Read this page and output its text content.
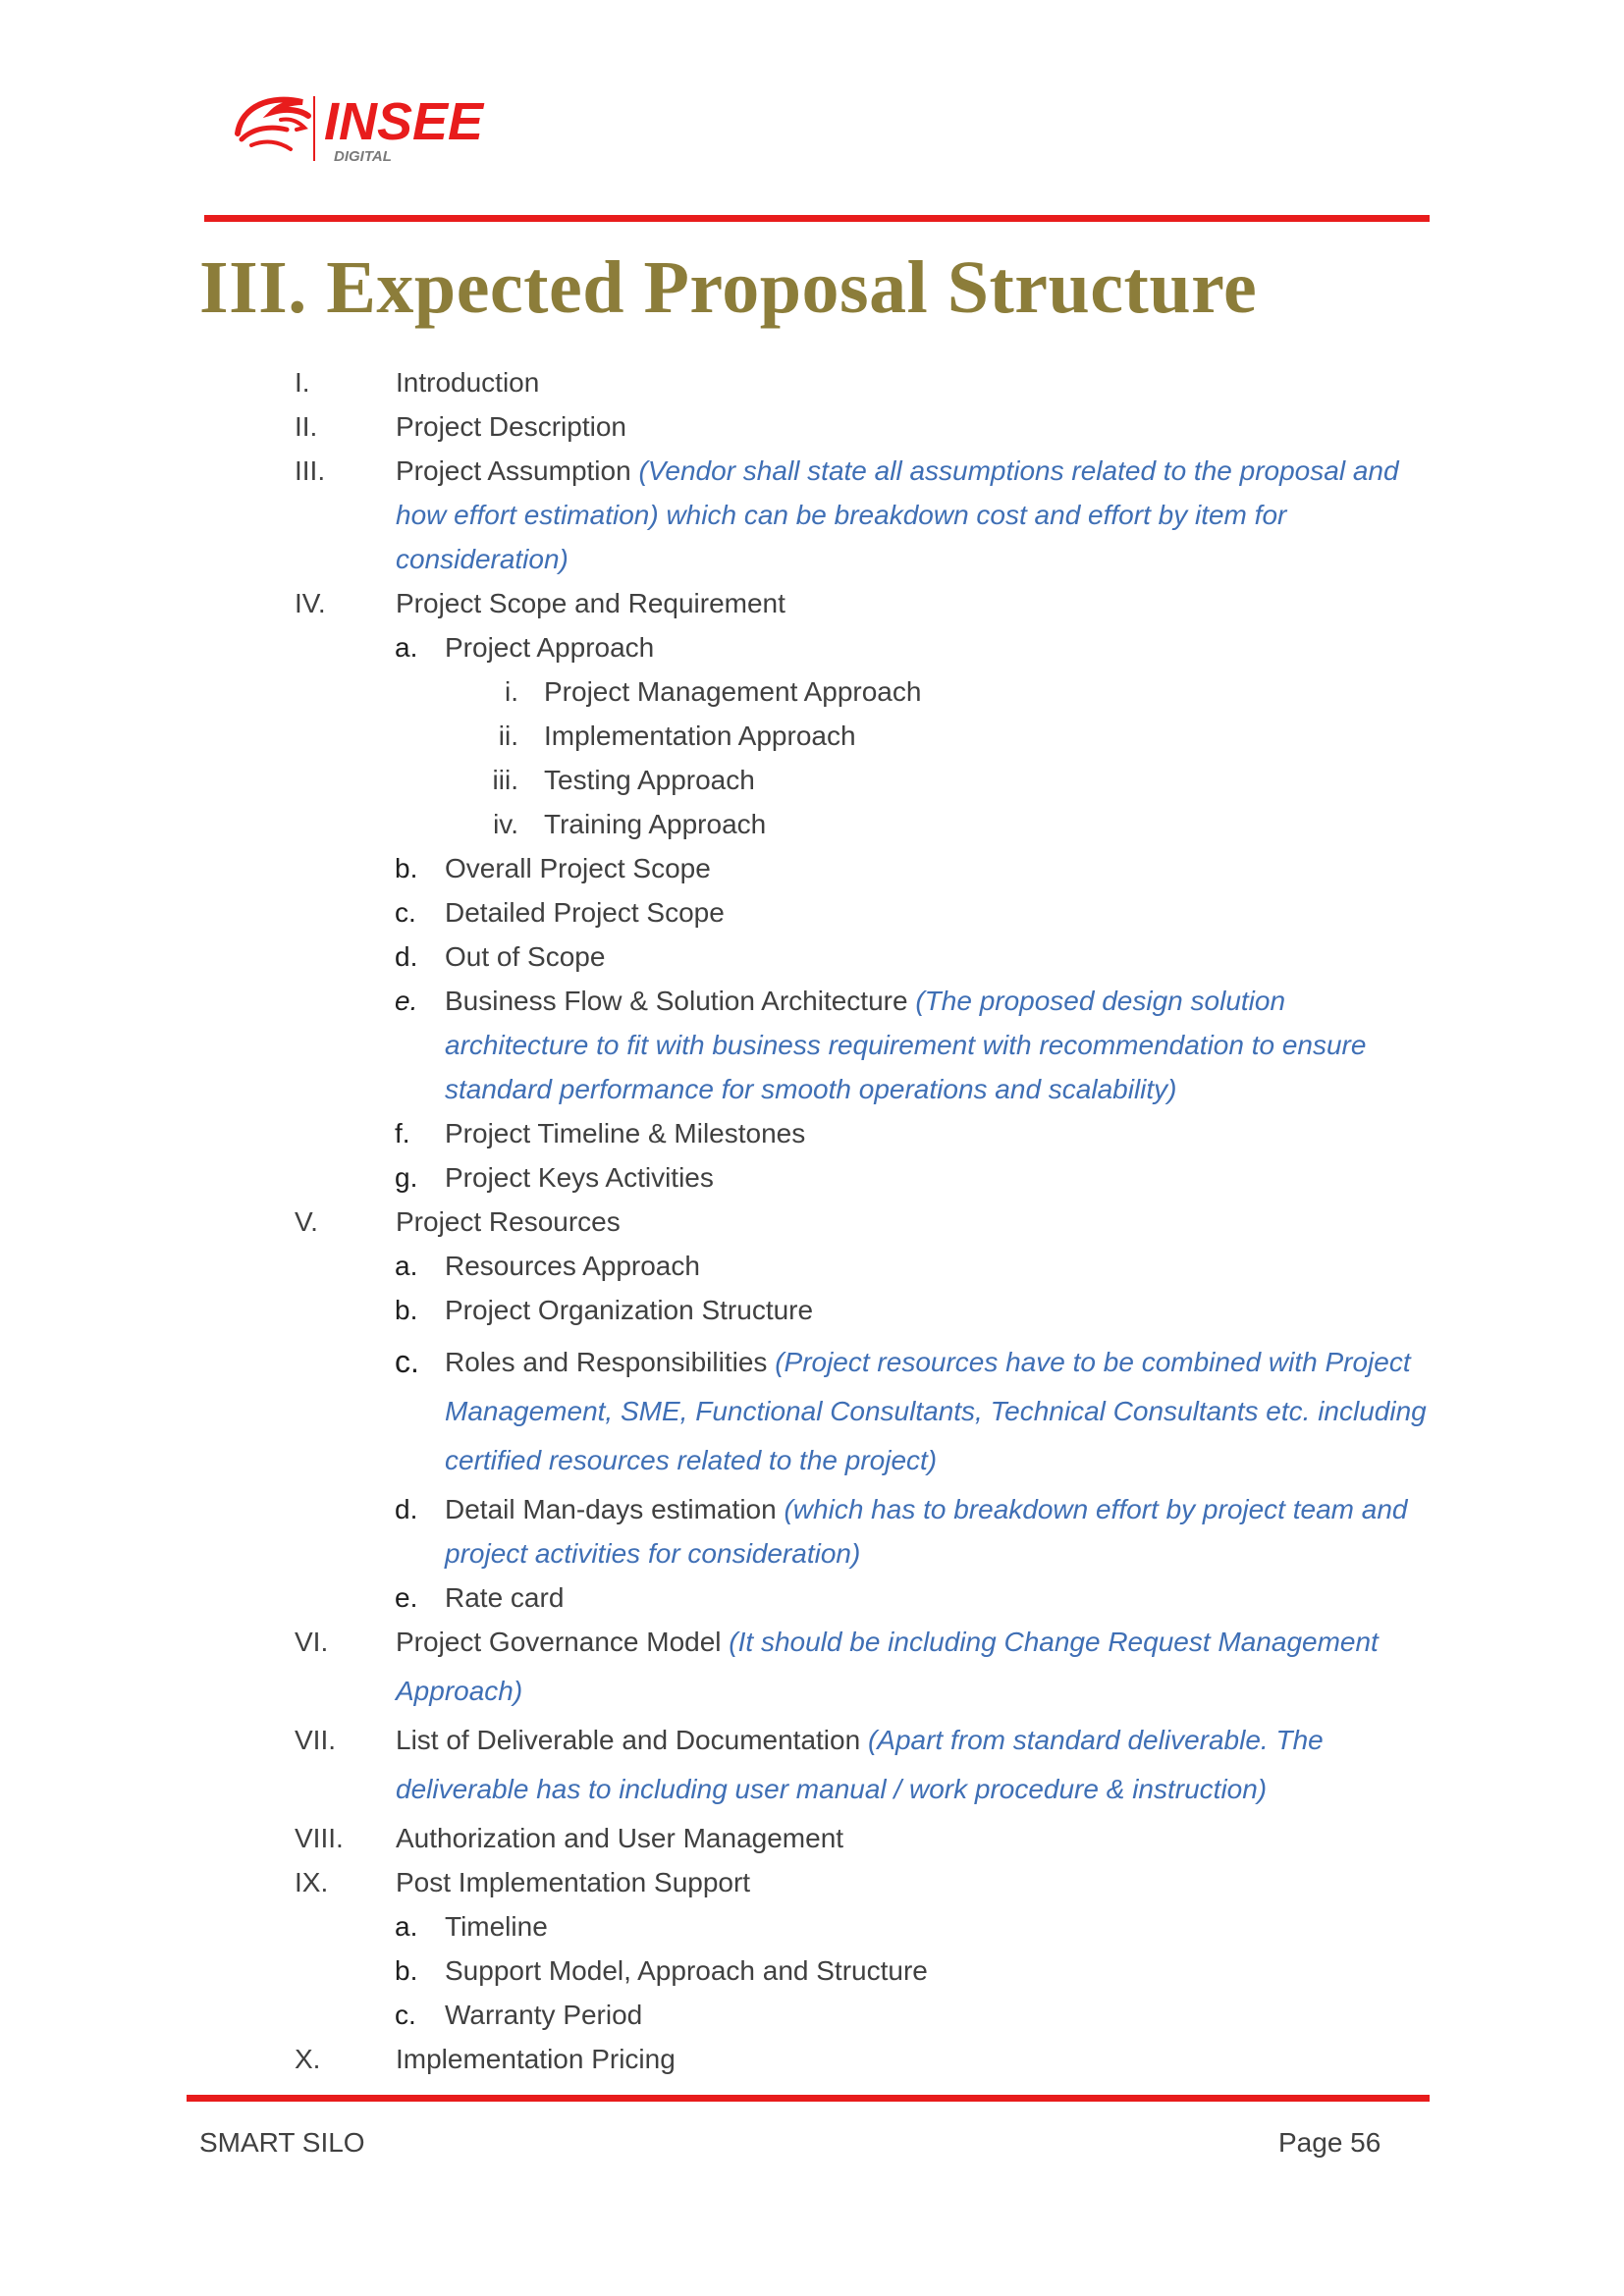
INSEE
DIGITAL
III. Expected Proposal Structure
I.	Introduction
II.	Project Description
III.	Project Assumption (Vendor shall state all assumptions related to the proposal and
how effort estimation) which can be breakdown cost and effort by item for
consideration)
IV.	Project Scope and Requirement
a. Project Approach
i. Project Management Approach
ii. Implementation Approach
iii. Testing Approach
iv. Training Approach
b. Overall Project Scope
c. Detailed Project Scope
d. Out of Scope
e. Business Flow & Solution Architecture (The proposed design solution
architecture to fit with business requirement with recommendation to ensure
standard performance for smooth operations and scalability)
f. Project Timeline & Milestones
g. Project Keys Activities
V.	Project Resources
a. Resources Approach
b. Project Organization Structure
c. Roles and Responsibilities (Project resources have to be combined with Project
Management, SME, Functional Consultants, Technical Consultants etc. including
certified resources related to the project)
d. Detail Man-days estimation (which has to breakdown effort by project team and
project activities for consideration)
e. Rate card
VI. Project Governance Model (It should be including Change Request Management
Approach)
VII. List of Deliverable and Documentation (Apart from standard deliverable. The
deliverable has to including user manual / work procedure & instruction)
VIII. Authorization and User Management
IX. Post Implementation Support
a. Timeline
b. Support Model, Approach and Structure
c. Warranty Period
X.	Implementation Pricing
SMART SILO	Page 56
